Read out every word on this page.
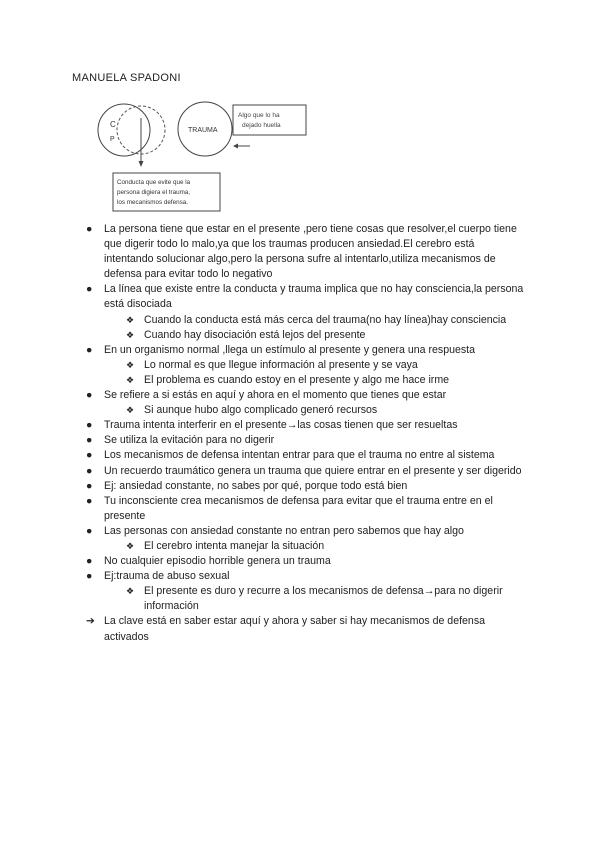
MANUELA SPADONI
C
P
TRAUMA
Algo que lo ha
dejado huella
Conducta que evite que la
persona digiera el trauma,
los mecanismos defensa.
●	La persona tiene que estar en el presente ,pero tiene cosas que resolver,el cuerpo tiene que digerir todo lo malo,ya que los traumas producen ansiedad.El cerebro está intentando solucionar algo,pero la persona sufre al intentarlo,utiliza mecanismos de defensa para evitar todo lo negativo
●	La línea que existe entre la conducta y trauma implica que no hay consciencia,la persona está disociada
❖ Cuando la conducta está más cerca del trauma(no hay línea)hay consciencia
❖ Cuando hay disociación está lejos del presente
●	En un organismo normal ,llega un estímulo al presente y genera una respuesta
❖ Lo normal es que llegue información al presente y se vaya
❖ El problema es cuando estoy en el presente y algo me hace irme
●	Se refiere a si estás en aquí y ahora en el momento que tienes que estar
❖ Si aunque hubo algo complicado generó recursos
●	Trauma intenta interferir en el presente→las cosas tienen que ser resueltas
●	Se utiliza la evitación para no digerir
●	Los mecanismos de defensa intentan entrar para que el trauma no entre al sistema
●	Un recuerdo traumático genera un trauma que quiere entrar en el presente y ser digerido
●	Ej: ansiedad constante, no sabes por qué, porque todo está bien
●	Tu inconsciente crea mecanismos de defensa para evitar que el trauma entre en el presente
●	Las personas con ansiedad constante no entran pero sabemos que hay algo
❖ El cerebro intenta manejar la situación
●	No cualquier episodio horrible genera un trauma
●	Ej:trauma de abuso sexual
❖ El presente es duro y recurre a los mecanismos de defensa→para no digerir información
➔ La clave está en saber estar aquí y ahora y saber si hay mecanismos de defensa activados
